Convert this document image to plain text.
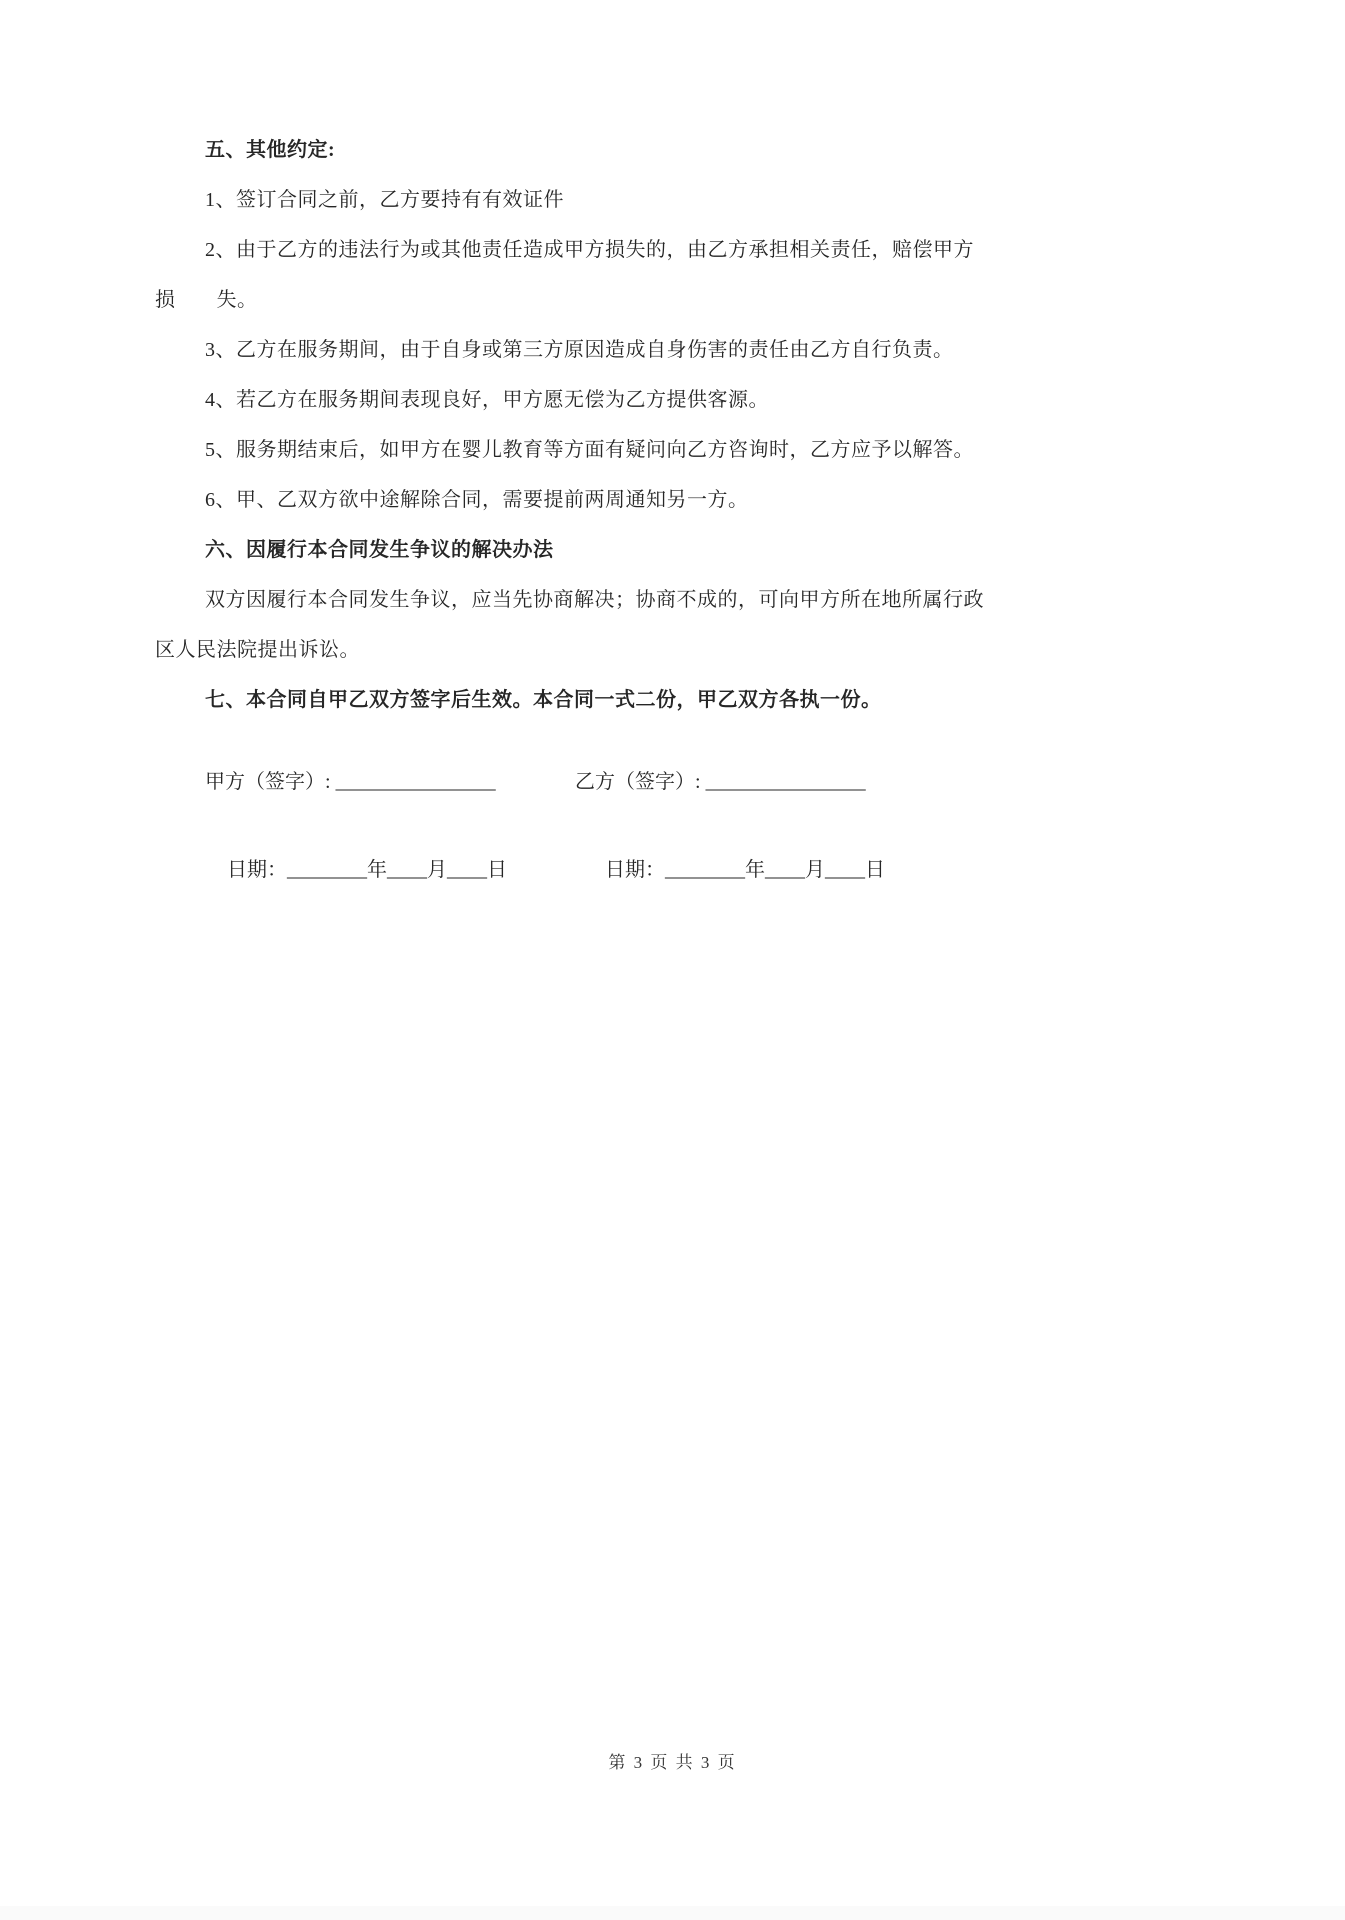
五、其他约定:

1、签订合同之前，乙方要持有有效证件

2、由于乙方的违法行为或其他责任造成甲方损失的，由乙方承担相关责任，赔偿甲方

损　　失。

3、乙方在服务期间，由于自身或第三方原因造成自身伤害的责任由乙方自行负责。

4、若乙方在服务期间表现良好，甲方愿无偿为乙方提供客源。

5、服务期结束后，如甲方在婴儿教育等方面有疑问向乙方咨询时，乙方应予以解答。

6、甲、乙双方欲中途解除合同，需要提前两周通知另一方。

六、因履行本合同发生争议的解决办法

双方因履行本合同发生争议，应当先协商解决；协商不成的，可向甲方所在地所属行政

区人民法院提出诉讼。

七、本合同自甲乙双方签字后生效。本合同一式二份，甲乙双方各执一份。

甲方（签字）: ________________	乙方（签字）: ________________
日期：________年____月____日	日期：________年____月____日
第 3 页 共 3 页
